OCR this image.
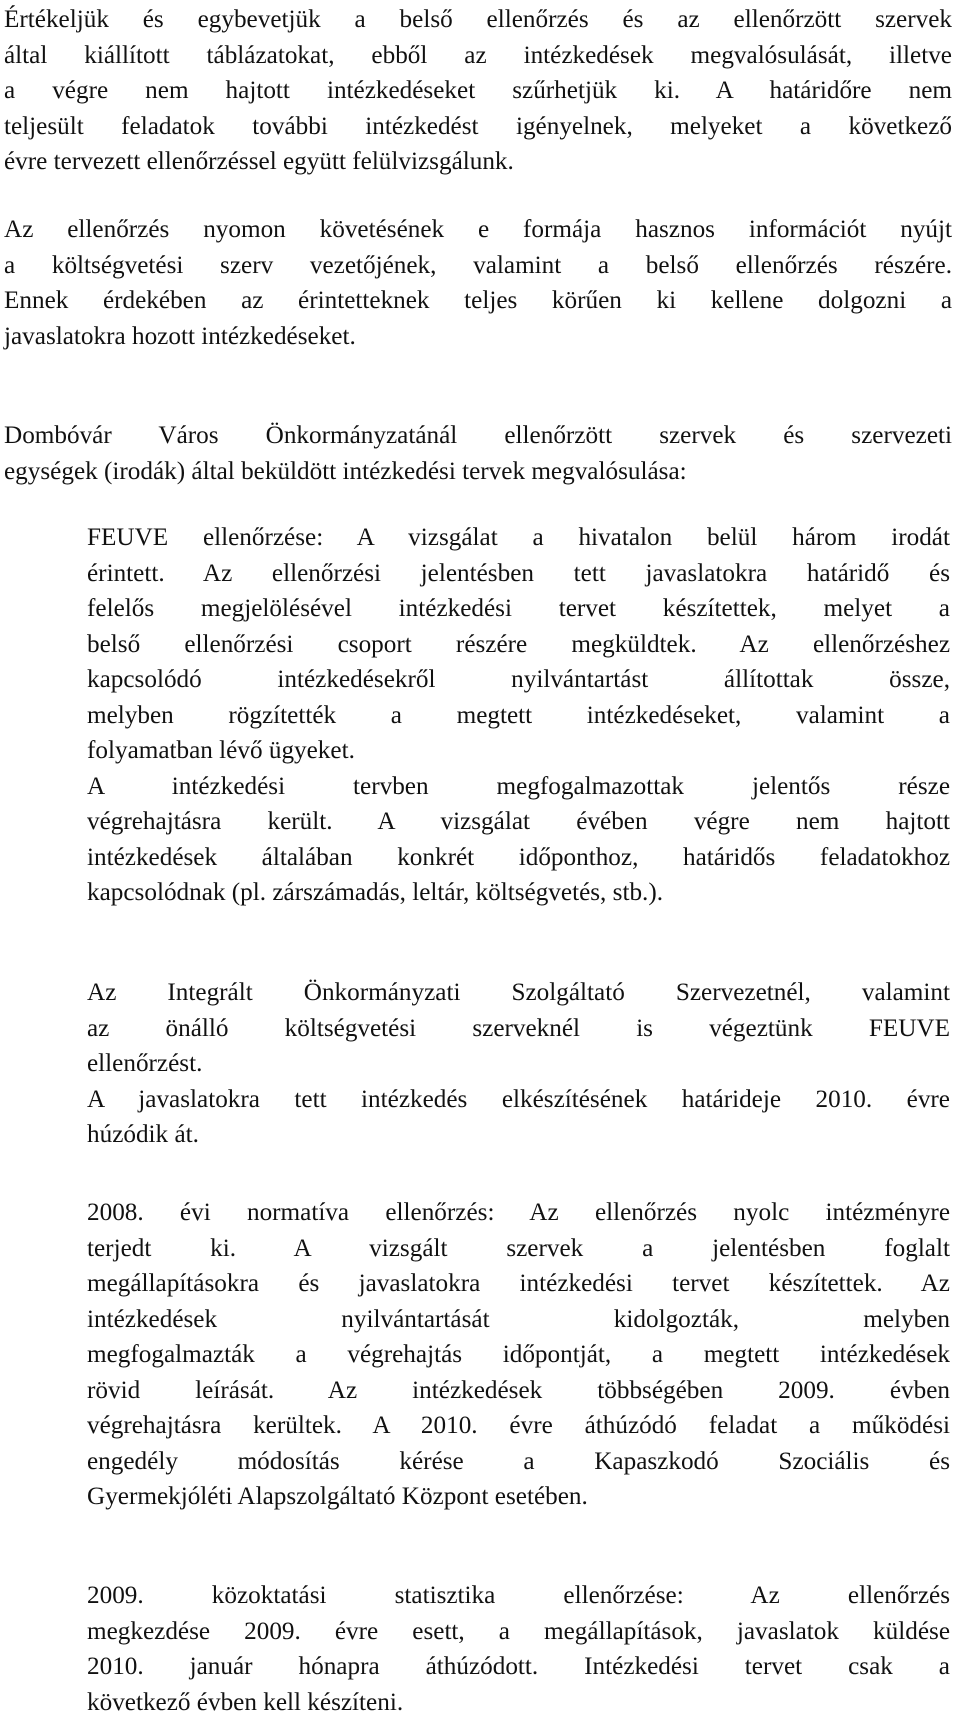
Értékeljük és egybevetjük a belső ellenőrzés és az ellenőrzött szervek
által kiállított táblázatokat, ebből az intézkedések megvalósulását, illetve
a végre nem hajtott intézkedéseket szűrhetjük ki. A határidőre nem
teljesült feladatok további intézkedést igényelnek, melyeket a következő
évre tervezett ellenőrzéssel együtt felülvizsgálunk.
Az ellenőrzés nyomon követésének e formája hasznos információt nyújt
a költségvetési szerv vezetőjének, valamint a belső ellenőrzés részére.
Ennek érdekében az érintetteknek teljes körűen ki kellene dolgozni a
javaslatokra hozott intézkedéseket.
Dombóvár Város Önkormányzatánál ellenőrzött szervek és szervezeti
egységek (irodák) által beküldött intézkedési tervek megvalósulása:
FEUVE ellenőrzése: A vizsgálat a hivatalon belül három irodát
érintett. Az ellenőrzési jelentésben tett javaslatokra határidő és
felelős megjelölésével intézkedési tervet készítettek, melyet a
belső ellenőrzési csoport részére megküldtek. Az ellenőrzéshez
kapcsolódó intézkedésekről nyilvántartást állítottak össze,
melyben rögzítették a megtett intézkedéseket, valamint a
folyamatban lévő ügyeket.
A intézkedési tervben megfogalmazottak jelentős része
végrehajtásra került. A vizsgálat évében végre nem hajtott
intézkedések általában konkrét időponthoz, határidős feladatokhoz
kapcsolódnak (pl. zárszámadás, leltár, költségvetés, stb.).
Az Integrált Önkormányzati Szolgáltató Szervezetnél, valamint
az önálló költségvetési szerveknél is végeztünk FEUVE
ellenőrzést.
A javaslatokra tett intézkedés elkészítésének határideje 2010. évre
húzódik át.
2008. évi normatíva ellenőrzés: Az ellenőrzés nyolc intézményre
terjedt ki. A vizsgált szervek a jelentésben foglalt
megállapításokra és javaslatokra intézkedési tervet készítettek. Az
intézkedések nyilvántartását kidolgozták, melyben
megfogalmazták a végrehajtás időpontját, a megtett intézkedések
rövid leírását. Az intézkedések többségében 2009. évben
végrehajtásra kerültek. A 2010. évre áthúzódó feladat a működési
engedély módosítás kérése a Kapaszkodó Szociális és
Gyermekjóléti Alapszolgáltató Központ esetében.
2009. közoktatási statisztika ellenőrzése: Az ellenőrzés
megkezdése 2009. évre esett, a megállapítások, javaslatok küldése
2010. január hónapra áthúzódott. Intézkedési tervet csak a
következő évben kell készíteni.
